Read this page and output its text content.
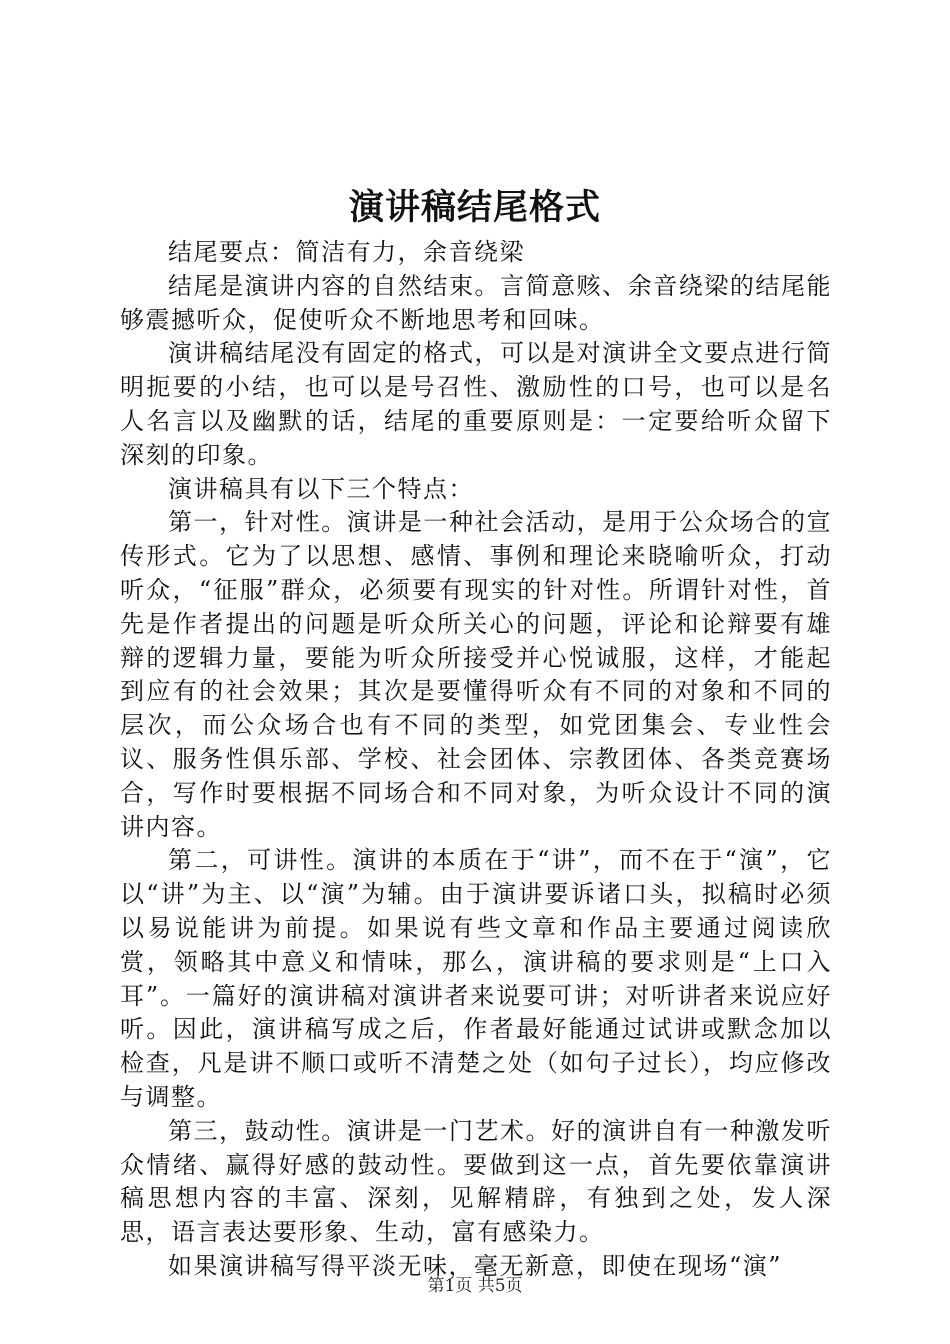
演讲稿结尾格式

结尾要点：简洁有力，余音绕梁

结尾是演讲内容的自然结束。言简意赅、余音绕梁的结尾能够震撼听众，促使听众不断地思考和回味。

演讲稿结尾没有固定的格式，可以是对演讲全文要点进行简明扼要的小结，也可以是号召性、激励性的口号，也可以是名人名言以及幽默的话，结尾的重要原则是：一定要给听众留下深刻的印象。

演讲稿具有以下三个特点：

第一，针对性。演讲是一种社会活动，是用于公众场合的宣传形式。它为了以思想、感情、事例和理论来晓喻听众，打动听众，“征服”群众，必须要有现实的针对性。所谓针对性，首先是作者提出的问题是听众所关心的问题，评论和论辩要有雄辩的逻辑力量，要能为听众所接受并心悦诚服，这样，才能起到应有的社会效果；其次是要懂得听众有不同的对象和不同的层次，而公众场合也有不同的类型，如党团集会、专业性会议、服务性俱乐部、学校、社会团体、宗教团体、各类竞赛场合，写作时要根据不同场合和不同对象，为听众设计不同的演讲内容。

第二，可讲性。演讲的本质在于“讲”，而不在于“演”，它以“讲”为主、以“演”为辅。由于演讲要诉诸口头，拟稿时必须以易说能讲为前提。如果说有些文章和作品主要通过阅读欣赏，领略其中意义和情味，那么，演讲稿的要求则是“上口入耳”。一篇好的演讲稿对演讲者来说要可讲；对听讲者来说应好听。因此，演讲稿写成之后，作者最好能通过试讲或默念加以检查，凡是讲不顺口或听不清楚之处（如句子过长），均应修改与调整。

第三，鼓动性。演讲是一门艺术。好的演讲自有一种激发听众情绪、赢得好感的鼓动性。要做到这一点，首先要依靠演讲稿思想内容的丰富、深刻，见解精辟，有独到之处，发人深思，语言表达要形象、生动，富有感染力。

如果演讲稿写得平淡无味，毫无新意，即使在现场“演”

第1页 共5页
